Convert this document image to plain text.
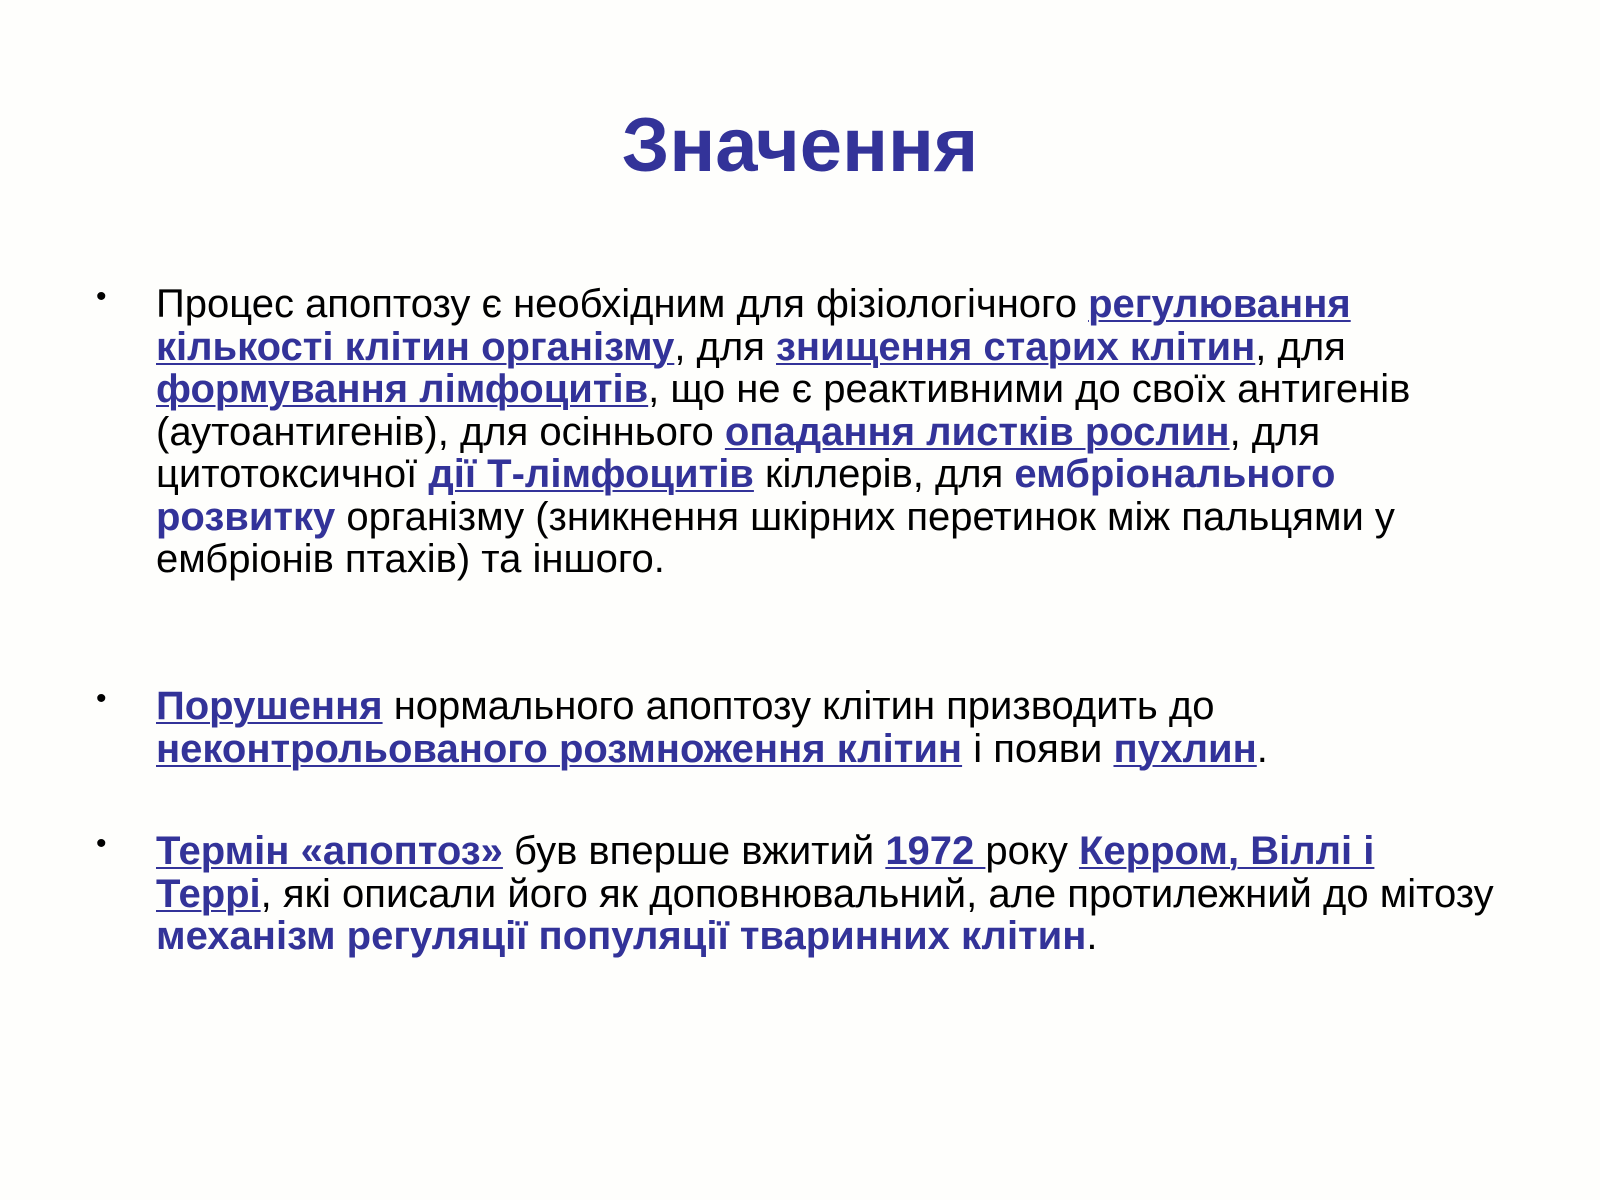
Значення
• Процес апоптозу є необхідним для фізіологічного регулювання кількості клітин організму, для знищення старих клітин, для формування лімфоцитів, що не є реактивними до своїх антигенів (аутоантигенів), для осіннього опадання листків рослин, для цитотоксичної дії Т-лімфоцитів кіллерів, для ембріонального розвитку організму (зникнення шкірних перетинок між пальцями у ембріонів птахів) та іншого.
• Порушення нормального апоптозу клітин призводить до неконтрольованого розмноження клітин і появи пухлин.
• Термін «апоптоз» був вперше вжитий 1972 року Керром, Віллі і Террі, які описали його як доповнювальний, але протилежний до мітозу механізм регуляції популяції тваринних клітин.
